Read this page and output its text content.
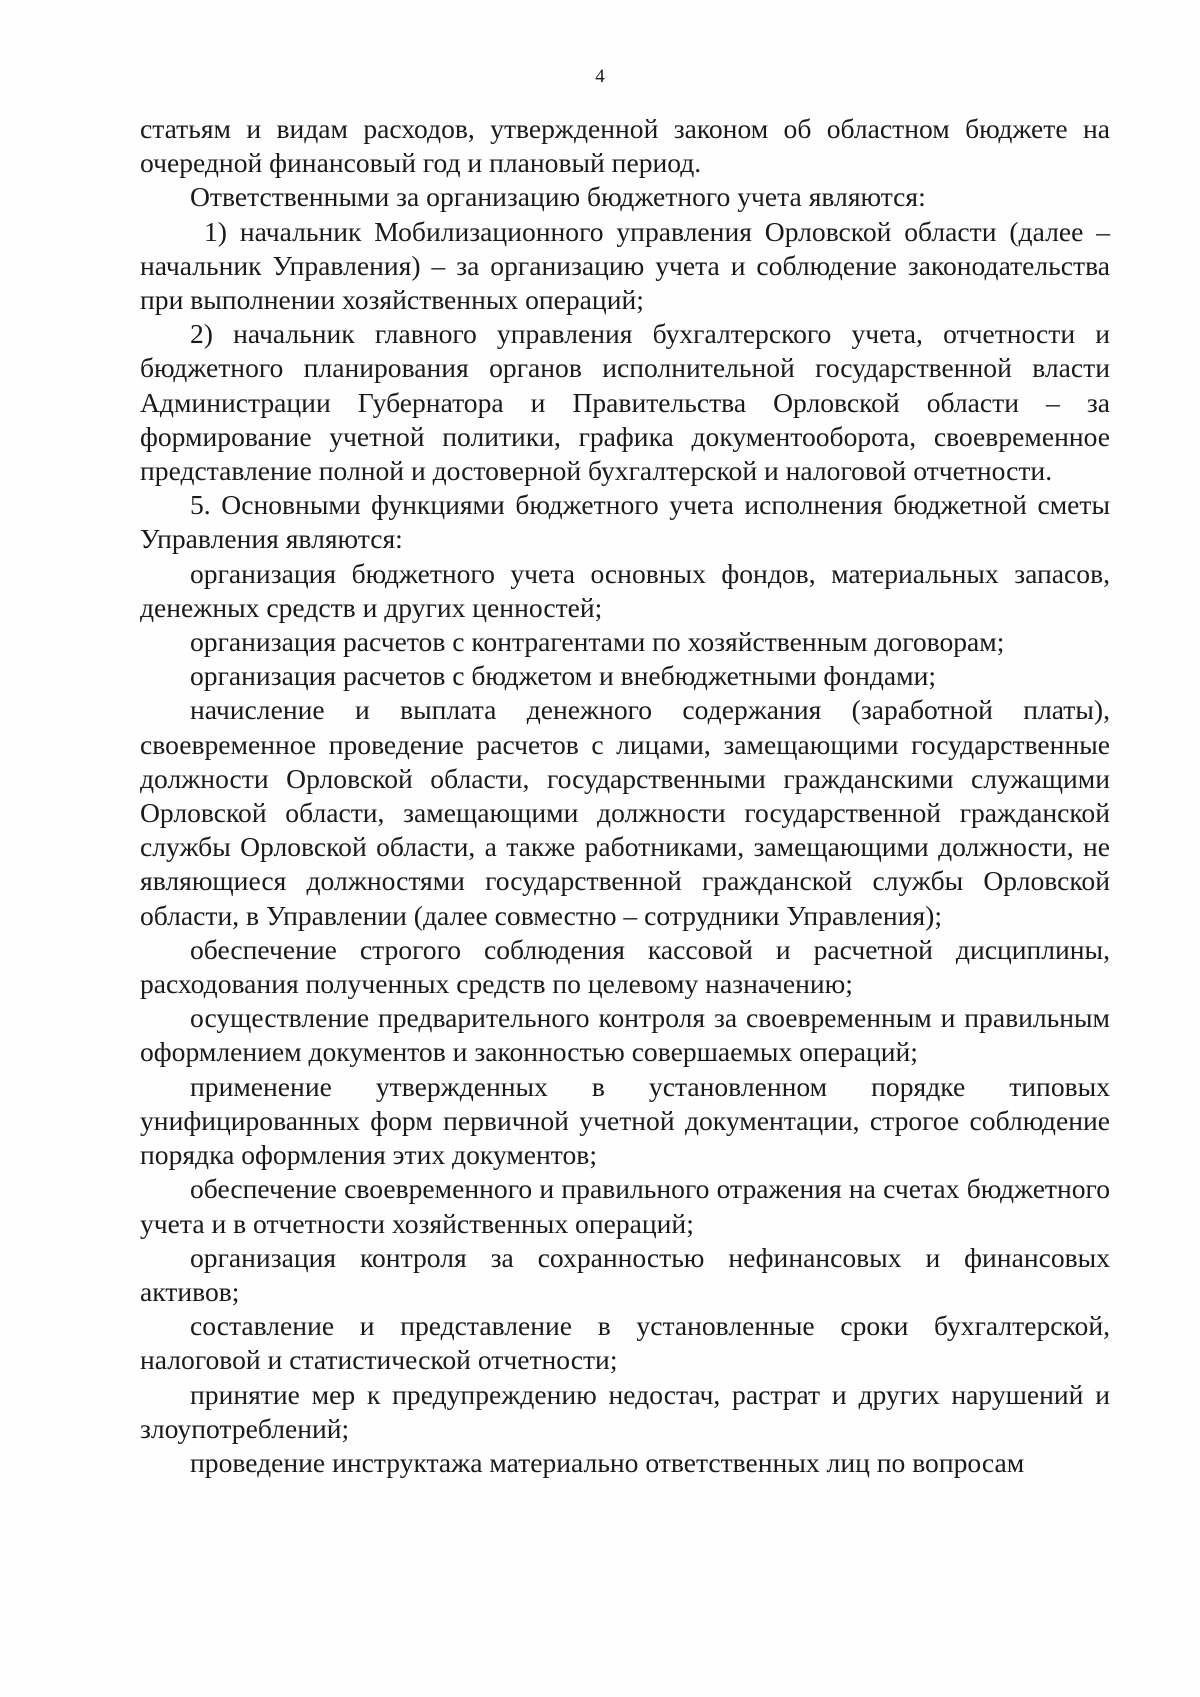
4

статьям и видам расходов, утвержденной законом об областном бюджете на очередной финансовый год и плановый период.

Ответственными за организацию бюджетного учета являются:

1) начальник Мобилизационного управления Орловской области (далее – начальник Управления) – за организацию учета и соблюдение законодательства при выполнении хозяйственных операций;

2) начальник главного управления бухгалтерского учета, отчетности и бюджетного планирования органов исполнительной государственной власти Администрации Губернатора и Правительства Орловской области – за формирование учетной политики, графика документооборота, своевременное представление полной и достоверной бухгалтерской и налоговой отчетности.

5. Основными функциями бюджетного учета исполнения бюджетной сметы Управления являются:

организация бюджетного учета основных фондов, материальных запасов, денежных средств и других ценностей;

организация расчетов с контрагентами по хозяйственным договорам;

организация расчетов с бюджетом и внебюджетными фондами;

начисление и выплата денежного содержания (заработной платы), своевременное проведение расчетов с лицами, замещающими государственные должности Орловской области, государственными гражданскими служащими Орловской области, замещающими должности государственной гражданской службы Орловской области, а также работниками, замещающими должности, не являющиеся должностями государственной гражданской службы Орловской области, в Управлении (далее совместно – сотрудники Управления);

обеспечение строгого соблюдения кассовой и расчетной дисциплины, расходования полученных средств по целевому назначению;

осуществление предварительного контроля за своевременным и правильным оформлением документов и законностью совершаемых операций;

применение утвержденных в установленном порядке типовых унифицированных форм первичной учетной документации, строгое соблюдение порядка оформления этих документов;

обеспечение своевременного и правильного отражения на счетах бюджетного учета и в отчетности хозяйственных операций;

организация контроля за сохранностью нефинансовых и финансовых активов;

составление и представление в установленные сроки бухгалтерской, налоговой и статистической отчетности;

принятие мер к предупреждению недостач, растрат и других нарушений и злоупотреблений;

проведение инструктажа материально ответственных лиц по вопросам
